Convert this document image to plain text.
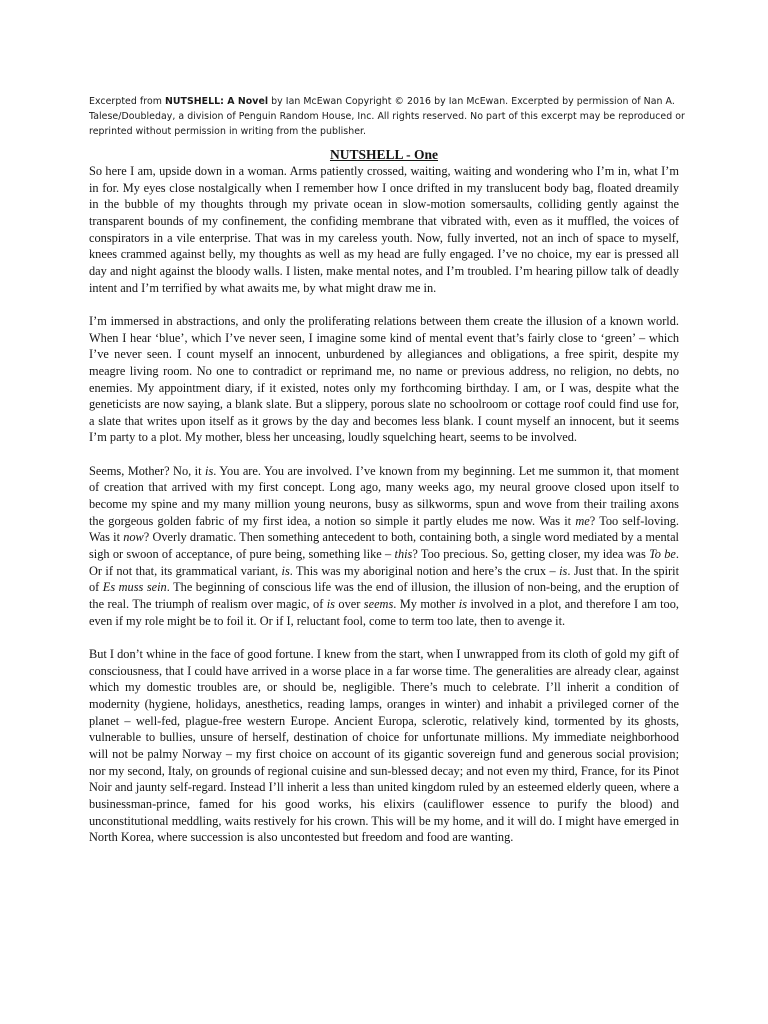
Excerpted from NUTSHELL: A Novel by Ian McEwan Copyright © 2016 by Ian McEwan. Excerpted by permission of Nan A. Talese/Doubleday, a division of Penguin Random House, Inc. All rights reserved. No part of this excerpt may be reproduced or reprinted without permission in writing from the publisher.
NUTSHELL - One

So here I am, upside down in a woman. Arms patiently crossed, waiting, waiting and wondering who I’m in, what I’m in for. My eyes close nostalgically when I remember how I once drifted in my translucent body bag, floated dreamily in the bubble of my thoughts through my private ocean in slow-motion somersaults, colliding gently against the transparent bounds of my confinement, the confiding membrane that vibrated with, even as it muffled, the voices of conspirators in a vile enterprise. That was in my careless youth. Now, fully inverted, not an inch of space to myself, knees crammed against belly, my thoughts as well as my head are fully engaged. I’ve no choice, my ear is pressed all day and night against the bloody walls. I listen, make mental notes, and I’m troubled. I’m hearing pillow talk of deadly intent and I’m terrified by what awaits me, by what might draw me in.

I’m immersed in abstractions, and only the proliferating relations between them create the illusion of a known world. When I hear ‘blue’, which I’ve never seen, I imagine some kind of mental event that’s fairly close to ‘green’ – which I’ve never seen. I count myself an innocent, unburdened by allegiances and obligations, a free spirit, despite my meagre living room. No one to contradict or reprimand me, no name or previous address, no religion, no debts, no enemies. My appointment diary, if it existed, notes only my forthcoming birthday. I am, or I was, despite what the geneticists are now saying, a blank slate. But a slippery, porous slate no schoolroom or cottage roof could find use for, a slate that writes upon itself as it grows by the day and becomes less blank. I count myself an innocent, but it seems I’m party to a plot. My mother, bless her unceasing, loudly squelching heart, seems to be involved.

Seems, Mother? No, it is. You are. You are involved. I’ve known from my beginning. Let me summon it, that moment of creation that arrived with my first concept. Long ago, many weeks ago, my neural groove closed upon itself to become my spine and my many million young neurons, busy as silkworms, spun and wove from their trailing axons the gorgeous golden fabric of my first idea, a notion so simple it partly eludes me now. Was it me? Too self-loving. Was it now? Overly dramatic. Then something antecedent to both, containing both, a single word mediated by a mental sigh or swoon of acceptance, of pure being, something like – this? Too precious. So, getting closer, my idea was To be. Or if not that, its grammatical variant, is. This was my aboriginal notion and here’s the crux – is. Just that. In the spirit of Es muss sein. The beginning of conscious life was the end of illusion, the illusion of non-being, and the eruption of the real. The triumph of realism over magic, of is over seems. My mother is involved in a plot, and therefore I am too, even if my role might be to foil it. Or if I, reluctant fool, come to term too late, then to avenge it.

But I don’t whine in the face of good fortune. I knew from the start, when I unwrapped from its cloth of gold my gift of consciousness, that I could have arrived in a worse place in a far worse time. The generalities are already clear, against which my domestic troubles are, or should be, negligible. There’s much to celebrate. I’ll inherit a condition of modernity (hygiene, holidays, anesthetics, reading lamps, oranges in winter) and inhabit a privileged corner of the planet – well-fed, plague-free western Europe. Ancient Europa, sclerotic, relatively kind, tormented by its ghosts, vulnerable to bullies, unsure of herself, destination of choice for unfortunate millions. My immediate neighborhood will not be palmy Norway – my first choice on account of its gigantic sovereign fund and generous social provision; nor my second, Italy, on grounds of regional cuisine and sun-blessed decay; and not even my third, France, for its Pinot Noir and jaunty self-regard. Instead I’ll inherit a less than united kingdom ruled by an esteemed elderly queen, where a businessman-prince, famed for his good works, his elixirs (cauliflower essence to purify the blood) and unconstitutional meddling, waits restively for his crown. This will be my home, and it will do. I might have emerged in North Korea, where succession is also uncontested but freedom and food are wanting.
